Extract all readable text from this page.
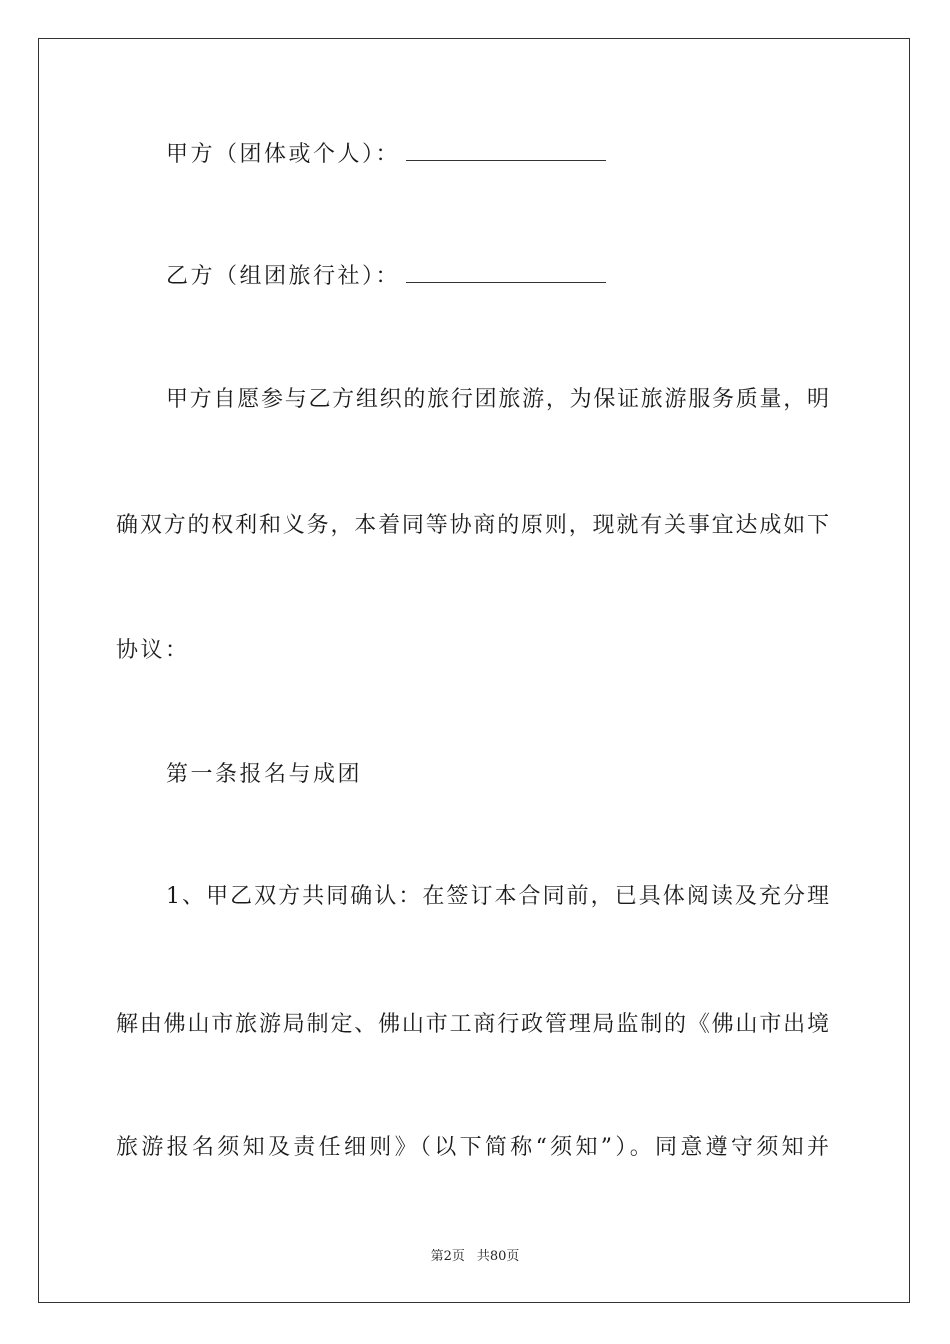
甲方（团体或个人）：
乙方（组团旅行社）：
甲方自愿参与乙方组织的旅行团旅游，为保证旅游服务质量，明
确双方的权利和义务，本着同等协商的原则，现就有关事宜达成如下
协议：
第一条报名与成团
1、甲乙双方共同确认：在签订本合同前，已具体阅读及充分理
解由佛山市旅游局制定、佛山市工商行政管理局监制的《佛山市出境
旅游报名须知及责任细则》（以下简称“须知”）。同意遵守须知并
第2页 共80页
